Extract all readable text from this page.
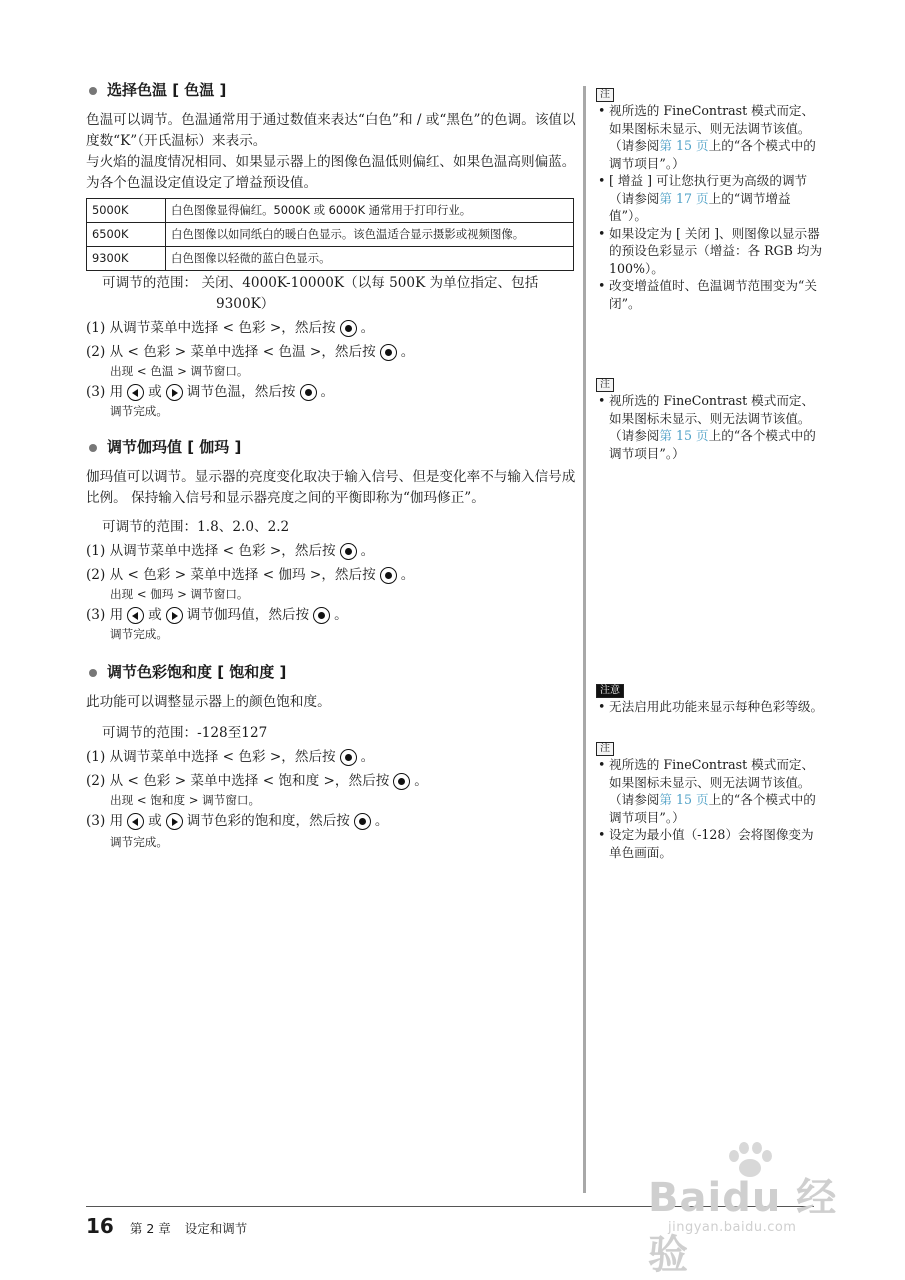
选择色温 [ 色温 ]

色温可以调节。色温通常用于通过数值来表达“白色”和 / 或“黑色”的色调。该值以度数“K”（开氏温标）来表示。

与火焰的温度情况相同、如果显示器上的图像色温低则偏红、如果色温高则偏蓝。为各个色温设定值设定了增益预设值。

5000K	白色图像显得偏红。5000K 或 6000K 通常用于打印行业。
6500K	白色图像以如同纸白的暖白色显示。该色温适合显示摄影或视频图像。
9300K	白色图像以轻微的蓝白色显示。
可调节的范围： 关闭、4000K-10000K（以每 500K 为单位指定、包括
9300K）
(1) 从调节菜单中选择 < 色彩 >，然后按 。
(2) 从 < 色彩 > 菜单中选择 < 色温 >，然后按 。
出现 < 色温 > 调节窗口。
(3) 用 或 调节色温，然后按 。
调节完成。
调节伽玛值 [ 伽玛 ]

伽玛值可以调节。显示器的亮度变化取决于输入信号、但是变化率不与输入信号成比例。 保持输入信号和显示器亮度之间的平衡即称为“伽玛修正”。

可调节的范围：1.8、2.0、2.2
(1) 从调节菜单中选择 < 色彩 >，然后按 。
(2) 从 < 色彩 > 菜单中选择 < 伽玛 >，然后按 。
出现 < 伽玛 > 调节窗口。
(3) 用 或 调节伽玛值，然后按 。
调节完成。
调节色彩饱和度 [ 饱和度 ]

此功能可以调整显示器上的颜色饱和度。

可调节的范围：-128至127
(1) 从调节菜单中选择 < 色彩 >，然后按 。
(2) 从 < 色彩 > 菜单中选择 < 饱和度 >，然后按 。
出现 < 饱和度 > 调节窗口。
(3) 用 或 调节色彩的饱和度，然后按 。
调节完成。
注

• 视所选的 FineContrast 模式而定、如果图标未显示、则无法调节该值。（请参阅第 15 页上的“各个模式中的调节项目”。）

• [ 增益 ] 可让您执行更为高级的调节（请参阅第 17 页上的“调节增益值”）。

• 如果设定为 [ 关闭 ]、则图像以显示器的预设色彩显示（增益：各 RGB 均为 100%）。

• 改变增益值时、色温调节范围变为“关闭”。

注

• 视所选的 FineContrast 模式而定、如果图标未显示、则无法调节该值。（请参阅第 15 页上的“各个模式中的调节项目”。）

注意

• 无法启用此功能来显示每种色彩等级。

注

• 视所选的 FineContrast 模式而定、如果图标未显示、则无法调节该值。（请参阅第 15 页上的“各个模式中的调节项目”。）

• 设定为最小值（-128）会将图像变为单色画面。

16 第 2 章 设定和调节
Baidu 经验
jingyan.baidu.com
